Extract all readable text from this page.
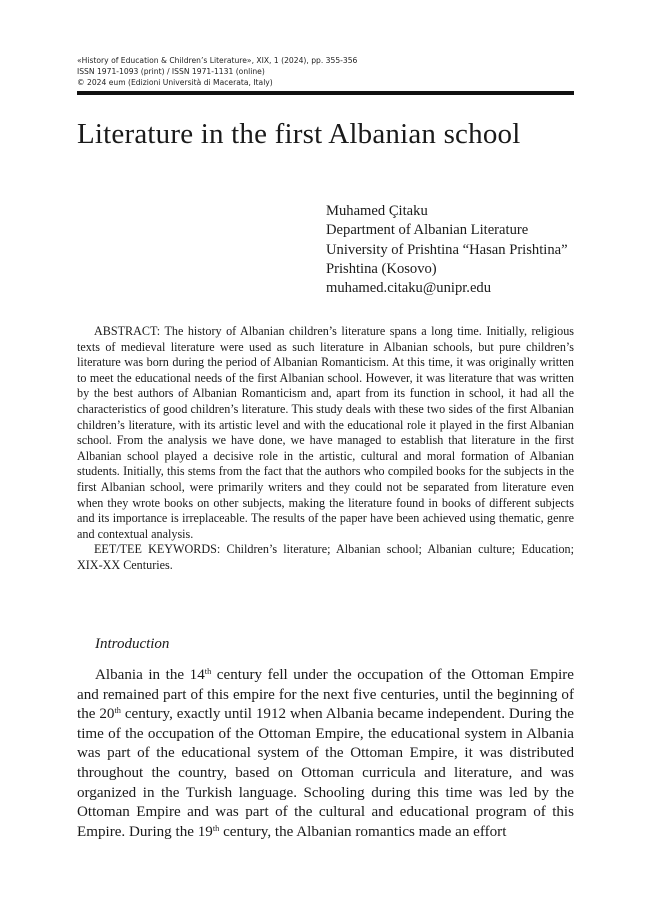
«History of Education & Children’s Literature», XIX, 1 (2024), pp. 355-356
ISSN 1971-1093 (print) / ISSN 1971-1131 (online)
© 2024 eum (Edizioni Università di Macerata, Italy)
Literature in the first Albanian school
Muhamed Çitaku
Department of Albanian Literature
University of Prishtina “Hasan Prishtina”
Prishtina (Kosovo)
muhamed.citaku@unipr.edu

ABSTRACT: The history of Albanian children’s literature spans a long time. Initially, religious texts of medieval literature were used as such literature in Albanian schools, but pure children’s literature was born during the period of Albanian Romanticism. At this time, it was originally written to meet the educational needs of the first Albanian school. However, it was literature that was written by the best authors of Albanian Romanticism and, apart from its function in school, it had all the characteristics of good children’s literature. This study deals with these two sides of the first Albanian children’s literature, with its artistic level and with the educational role it played in the first Albanian school. From the analysis we have done, we have managed to establish that literature in the first Albanian school played a decisive role in the artistic, cultural and moral formation of Albanian students. Initially, this stems from the fact that the authors who compiled books for the subjects in the first Albanian school, were primarily writers and they could not be separated from literature even when they wrote books on other subjects, making the literature found in books of different subjects and its importance is irreplaceable. The results of the paper have been achieved using thematic, genre and contextual analysis.

EET/TEE KEYWORDS: Children’s literature; Albanian school; Albanian culture; Education; XIX-XX Centuries.

Introduction

Albania in the 14th century fell under the occupation of the Ottoman Empire and remained part of this empire for the next five centuries, until the beginning of the 20th century, exactly until 1912 when Albania became independent. During the time of the occupation of the Ottoman Empire, the educational system in Albania was part of the educational system of the Ottoman Empire, it was distributed throughout the country, based on Ottoman curricula and literature, and was organized in the Turkish language. Schooling during this time was led by the Ottoman Empire and was part of the cultural and educational program of this Empire. During the 19th century, the Albanian romantics made an effort
